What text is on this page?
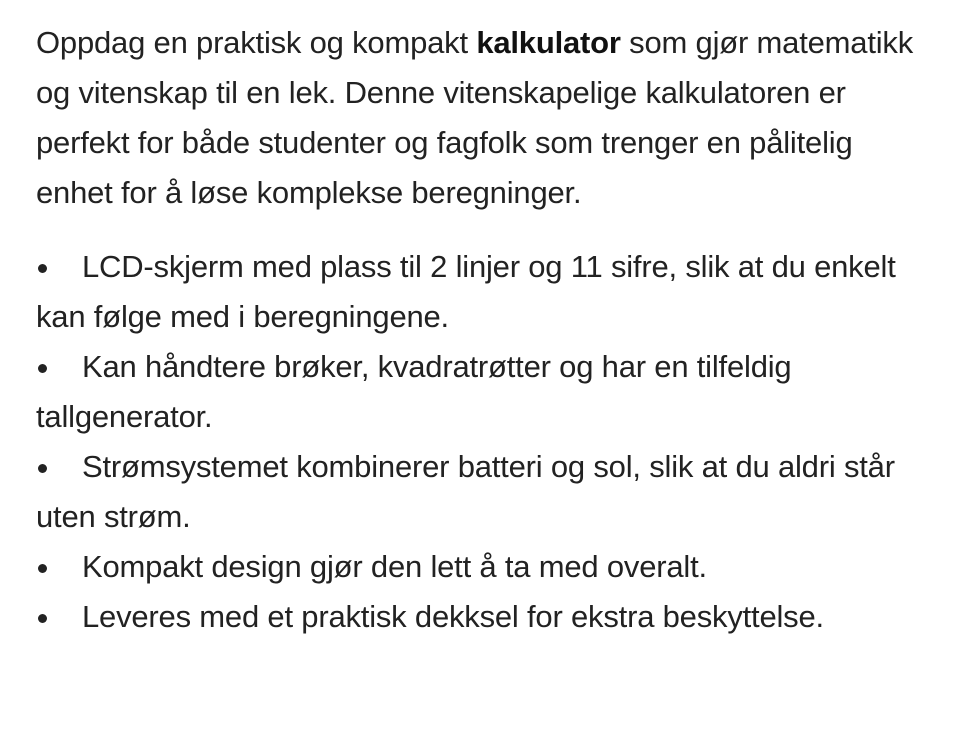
Oppdag en praktisk og kompakt kalkulator som gjør matematikk og vitenskap til en lek. Denne vitenskapelige kalkulatoren er perfekt for både studenter og fagfolk som trenger en pålitelig enhet for å løse komplekse beregninger.

LCD-skjerm med plass til 2 linjer og 11 sifre, slik at du enkelt kan følge med i beregningene.
Kan håndtere brøker, kvadratrøtter og har en tilfeldig tallgenerator.
Strømsystemet kombinerer batteri og sol, slik at du aldri står uten strøm.
Kompakt design gjør den lett å ta med overalt.
Leveres med et praktisk dekksel for ekstra beskyttelse.
